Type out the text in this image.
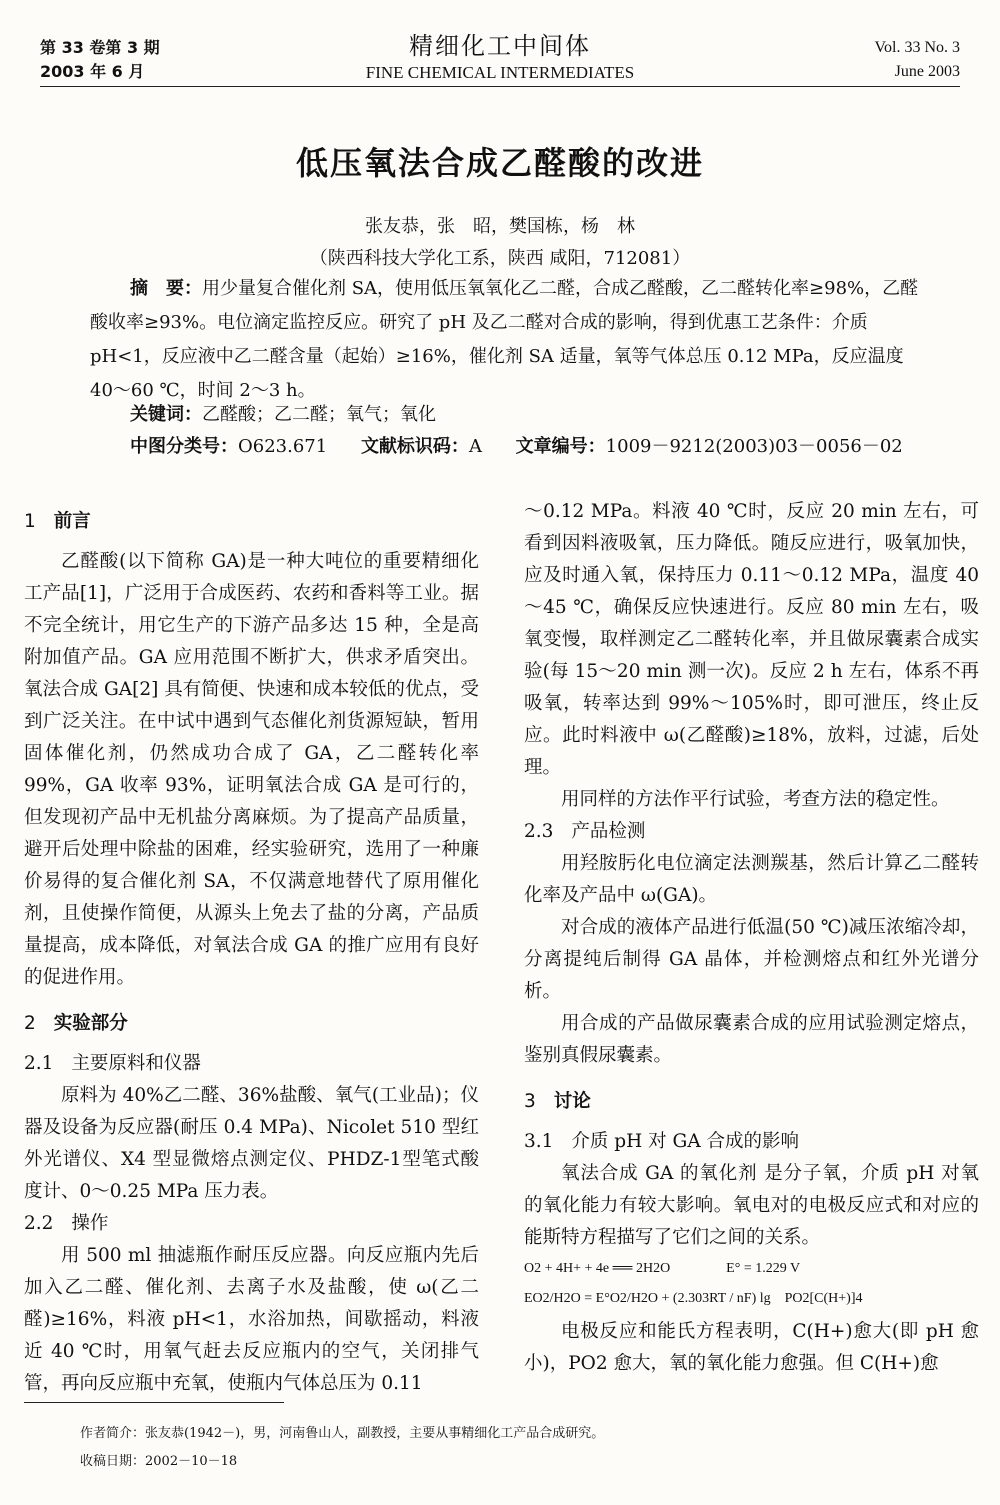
第 33 卷第 3 期
2003 年 6 月
精细化工中间体
FINE CHEMICAL INTERMEDIATES
Vol. 33 No. 3
June 2003
低压氧法合成乙醛酸的改进
张友恭，张　昭，樊国栋，杨　林
（陕西科技大学化工系，陕西 咸阳，712081）
摘　要：用少量复合催化剂 SA，使用低压氧氧化乙二醛，合成乙醛酸，乙二醛转化率≥98%，乙醛酸收率≥93%。电位滴定监控反应。研究了 pH 及乙二醛对合成的影响，得到优惠工艺条件：介质 pH<1，反应液中乙二醛含量（起始）≥16%，催化剂 SA 适量，氧等气体总压 0.12 MPa，反应温度 40～60 ℃，时间 2～3 h。
关键词：乙醛酸；乙二醛；氧气；氧化
中图分类号：O623.671 文献标识码：A 文章编号：1009－9212(2003)03－0056－02
1 前言

乙醛酸(以下简称 GA)是一种大吨位的重要精细化工产品[1]，广泛用于合成医药、农药和香料等工业。据不完全统计，用它生产的下游产品多达 15 种，全是高附加值产品。GA 应用范围不断扩大，供求矛盾突出。氧法合成 GA[2] 具有简便、快速和成本较低的优点，受到广泛关注。在中试中遇到气态催化剂货源短缺，暂用固体催化剂，仍然成功合成了 GA，乙二醛转化率 99%，GA 收率 93%，证明氧法合成 GA 是可行的，但发现初产品中无机盐分离麻烦。为了提高产品质量，避开后处理中除盐的困难，经实验研究，选用了一种廉价易得的复合催化剂 SA，不仅满意地替代了原用催化剂，且使操作简便，从源头上免去了盐的分离，产品质量提高，成本降低，对氧法合成 GA 的推广应用有良好的促进作用。

2 实验部分
2.1 主要原料和仪器

原料为 40%乙二醛、36%盐酸、氧气(工业品)；仪器及设备为反应器(耐压 0.4 MPa)、Nicolet 510 型红外光谱仪、X4 型显微熔点测定仪、PHDZ-1型笔式酸度计、0～0.25 MPa 压力表。

2.2 操作

用 500 ml 抽滤瓶作耐压反应器。向反应瓶内先后加入乙二醛、催化剂、去离子水及盐酸，使 ω(乙二醛)≥16%，料液 pH<1，水浴加热，间歇摇动，料液近 40 ℃时，用氧气赶去反应瓶内的空气，关闭排气管，再向反应瓶中充氧，使瓶内气体总压为 0.11

～0.12 MPa。料液 40 ℃时，反应 20 min 左右，可看到因料液吸氧，压力降低。随反应进行，吸氧加快，应及时通入氧，保持压力 0.11～0.12 MPa，温度 40～45 ℃，确保反应快速进行。反应 80 min 左右，吸氧变慢，取样测定乙二醛转化率，并且做尿囊素合成实验(每 15～20 min 测一次)。反应 2 h 左右，体系不再吸氧，转率达到 99%～105%时，即可泄压，终止反应。此时料液中 ω(乙醛酸)≥18%，放料，过滤，后处理。

用同样的方法作平行试验，考查方法的稳定性。

2.3 产品检测

用羟胺肟化电位滴定法测羰基，然后计算乙二醛转化率及产品中 ω(GA)。

对合成的液体产品进行低温(50 ℃)减压浓缩冷却，分离提纯后制得 GA 晶体，并检测熔点和红外光谱分析。

用合成的产品做尿囊素合成的应用试验测定熔点，鉴别真假尿囊素。

3 讨论
3.1 介质 pH 对 GA 合成的影响

氧法合成 GA 的氧化剂 是分子氧，介质 pH 对氧的氧化能力有较大影响。氧电对的电极反应式和对应的能斯特方程描写了它们之间的关系。

O2 + 4H+ + 4e ══ 2H2O　　　　E° = 1.229 V
EO2/H2O = E°O2/H2O + (2.303RT / nF) lg　PO2[C(H+)]4

电极反应和能氏方程表明，C(H+)愈大(即 pH 愈小)，PO2 愈大，氧的氧化能力愈强。但 C(H+)愈

作者简介：张友恭(1942－)，男，河南鲁山人，副教授，主要从事精细化工产品合成研究。
收稿日期：2002－10－18
